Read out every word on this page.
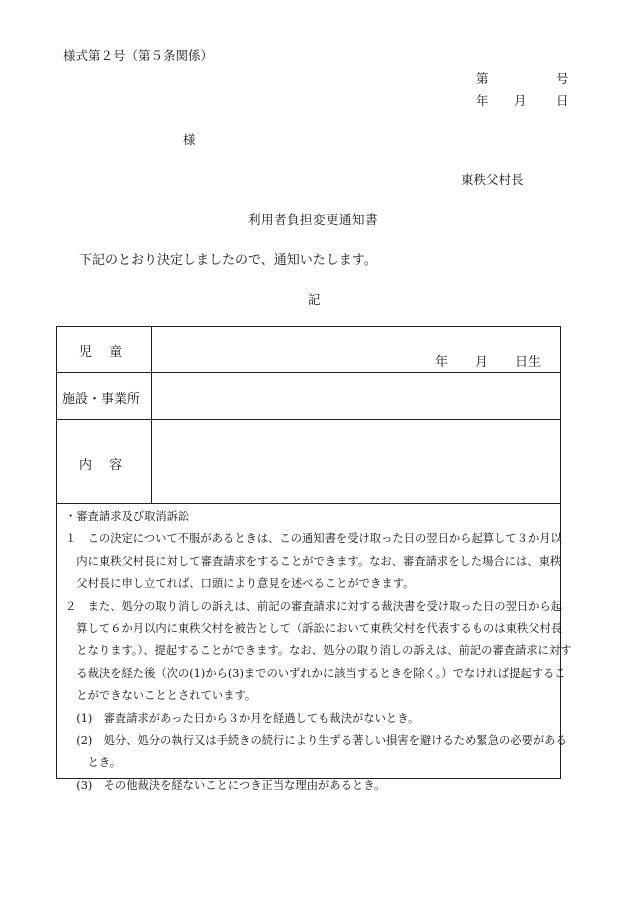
様式第２号（第５条関係）
第	号
年 月 日
様
東秩父村長
利用者負担変更通知書
下記のとおり決定しましたので、通知いたします。
記
児　 童
年 月 日生
施設・事業所
内　 容
・審査請求及び取消訴訟
１　この決定について不服があるときは、この通知書を受け取った日の翌日から起算して３か月以
　内に東秩父村長に対して審査請求をすることができます。なお、審査請求をした場合には、東秩
　父村長に申し立てれば、口頭により意見を述べることができます。
２　また、処分の取り消しの訴えは、前記の審査請求に対する裁決書を受け取った日の翌日から起
　算して６か月以内に東秩父村を被告として（訴訟において東秩父村を代表するものは東秩父村長
　となります。）、提起することができます。なお、処分の取り消しの訴えは、前記の審査請求に対す
　る裁決を経た後（次の(1)から(3)までのいずれかに該当するときを除く。）でなければ提起するこ
　とができないこととされています。
　(1)　審査請求があった日から３か月を経過しても裁決がないとき。
　(2)　処分、処分の執行又は手続きの続行により生ずる著しい損害を避けるため緊急の必要がある
　　とき。
　(3)　その他裁決を経ないことにつき正当な理由があるとき。
